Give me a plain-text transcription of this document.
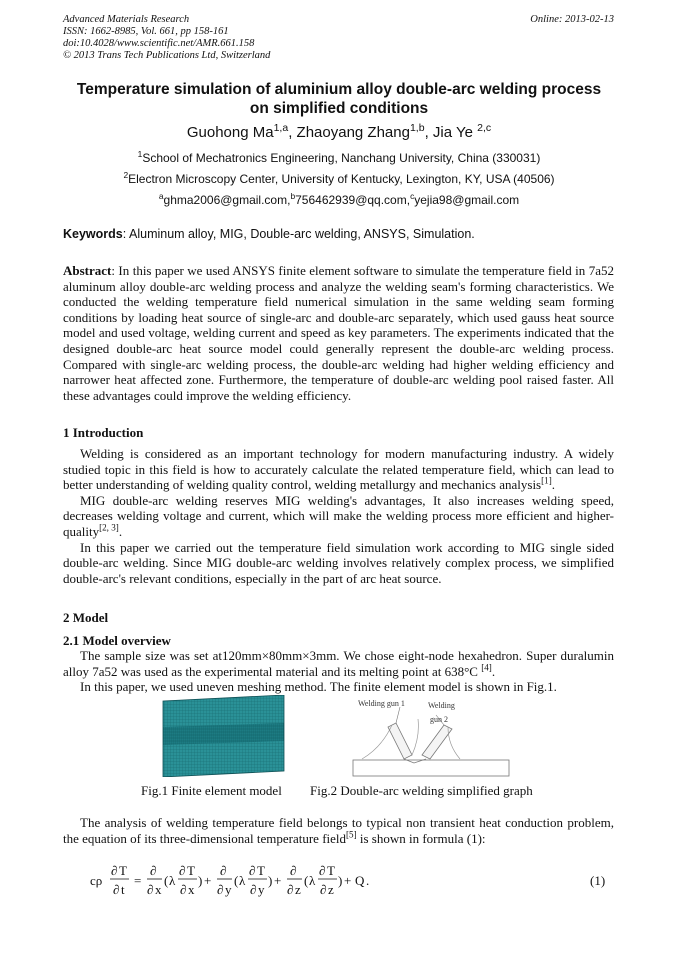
Advanced Materials Research
ISSN: 1662-8985, Vol. 661, pp 158-161
doi:10.4028/www.scientific.net/AMR.661.158
© 2013 Trans Tech Publications Ltd, Switzerland
Online: 2013-02-13
Temperature simulation of aluminium alloy double-arc welding process
on simplified conditions
Guohong Ma$^{1,a}$, Zhaoyang Zhang$^{1,b}$, Jia Ye $^{2,c}$
$^1$School of Mechatronics Engineering, Nanchang University, China (330031)
$^2$Electron Microscopy Center, University of Kentucky, Lexington, KY, USA (40506)
$^a$ghma2006@gmail.com,$^b$756462939@qq.com,$^c$yejia98@gmail.com
Keywords: Aluminum alloy, MIG, Double-arc welding, ANSYS, Simulation.
Abstract: In this paper we used ANSYS finite element software to simulate the temperature field in 7a52 aluminum alloy double-arc welding process and analyze the welding seam's forming characteristics. We conducted the welding temperature field numerical simulation in the same welding seam forming conditions by loading heat source of single-arc and double-arc separately, which used gauss heat source model and used voltage, welding current and speed as key parameters. The experiments indicated that the designed double-arc heat source model could generally represent the double-arc welding process. Compared with single-arc welding process, the double-arc welding had higher welding efficiency and narrower heat affected zone. Furthermore, the temperature of double-arc welding pool raised faster. All these advantages could improve the welding efficiency.
1 Introduction
Welding is considered as an important technology for modern manufacturing industry. A widely studied topic in this field is how to accurately calculate the related temperature field, which can lead to better understanding of welding quality control, welding metallurgy and mechanics analysis[1].
MIG double-arc welding reserves MIG welding's advantages, It also increases welding speed, decreases welding voltage and current, which will make the welding process more efficient and higher-quality[2, 3].
In this paper we carried out the temperature field simulation work according to MIG single sided double-arc welding. Since MIG double-arc welding involves relatively complex process, we simplified double-arc's relevant conditions, especially in the part of arc heat source.
2 Model
2.1 Model overview
The sample size was set at120mm×80mm×3mm. We chose eight-node hexahedron. Super duralumin alloy 7a52 was used as the experimental material and its melting point at 638°C [4].
In this paper, we used uneven meshing method. The finite element model is shown in Fig.1.
Welding gun 1	Welding
gun 2
Fig.1 Finite element model Fig.2 Double-arc welding simplified graph
The analysis of welding temperature field belongs to typical non transient heat conduction problem, the equation of its three-dimensional temperature field[5] is shown in formula (1):
cρ
∂ T
∂ t
=
∂
∂ x
( λ
∂ T
∂ x
) +
∂
∂ y
( λ
∂ T
∂ y
) +
∂
∂ z
( λ
∂ T
∂ z
) + Q .	(1)
